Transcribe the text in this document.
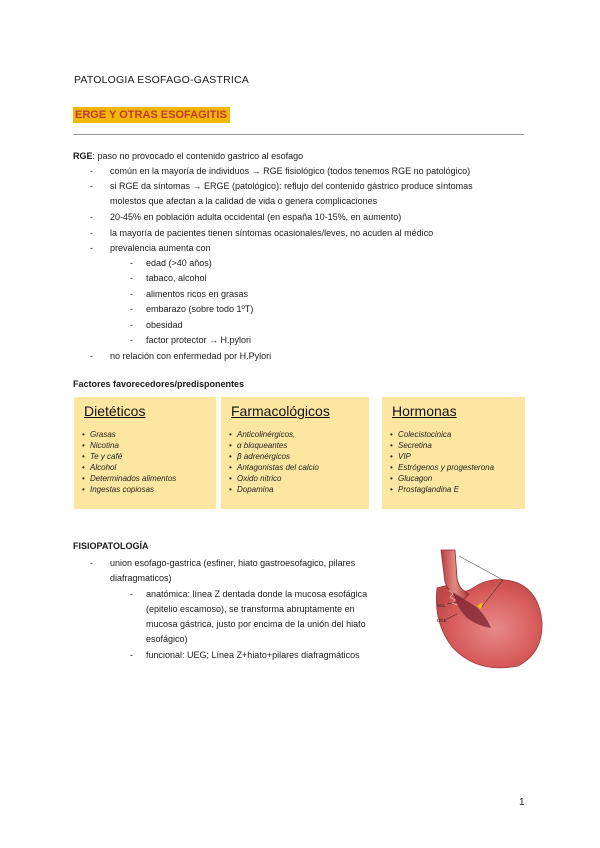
PATOLOGIA ESOFAGO-GASTRICA
ERGE Y OTRAS ESOFAGITIS
RGE: paso no provocado el contenido gastrico al esofago
-	común en la mayoría de individuos → RGE fisiológico (todos tenemos RGE no patológico)
-	si RGE da síntomas → ERGE (patológico): reflujo del contenido gástrico produce síntomas
molestos que afectan a la calidad de vida o genera complicaciones
-	20-45% en población adulta occidental (en españa 10-15%, en aumento)
-	la mayoría de pacientes tienen síntomas ocasionales/leves, no acuden al médico
-	prevalencia aumenta con
-	edad (>40 años)
-	tabaco, alcohol
-	alimentos ricos en grasas
-	embarazo (sobre todo 1ºT)
-	obesidad
-	factor protector → H.pylori
-	no relación con enfermedad por H.Pylori
Factores favorecedores/predisponentes
Dietéticos
• Grasas
• Nicotina
• Te y café
• Alcohol
• Determinados alimentos
• Ingestas copiosas
Farmacológicos
• Anticolinérgicos,
• α bloqueantes
• β adrenérgicos
• Antagonistas del calcio
• Oxido nitrico
• Dopamina
Hormonas
• Colecistocinica
• Secretina
• VIP
• Estrógenos y progesterona
• Glucagon
• Prostaglandina E
FISIOPATOLOGÍA
-	union esofago-gastrica (esfiner, hiato gastroesofagico, pilares
diafragmaticos)
-	anatómica: línea Z dentada donde la mucosa esofágica
(epitelio escamoso), se transforma abruptamente en
mucosa gástrica, justo por encima de la unión del hiato
esofágico)
-	funcional: UEG; Línea Z+hiato+pilares diafragmáticos
SCL
UGE
1
